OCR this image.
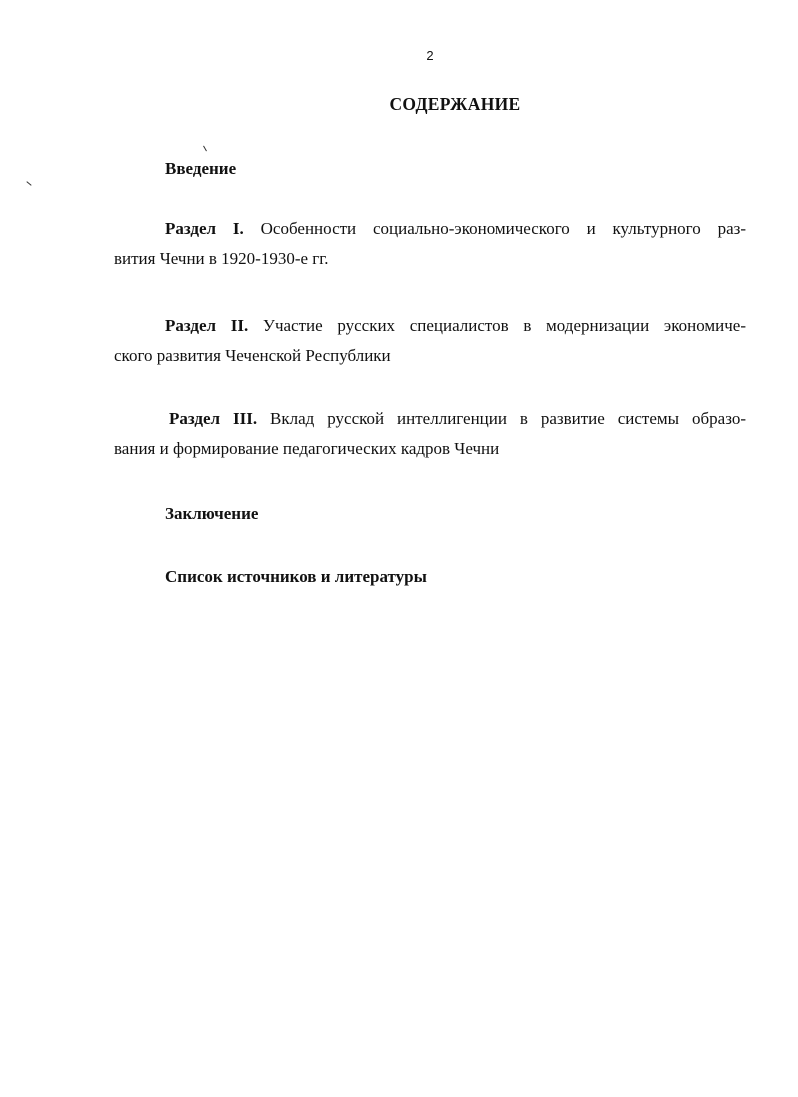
2
СОДЕРЖАНИЕ
Введение
Раздел I. Особенности социально-экономического и культурного раз-
вития Чечни в 1920-1930-е гг.
Раздел II. Участие русских специалистов в модернизации экономиче-
ского развития Чеченской Республики
Раздел III. Вклад русской интеллигенции в развитие системы образо-
вания и формирование педагогических кадров Чечни
Заключение
Список источников и литературы
